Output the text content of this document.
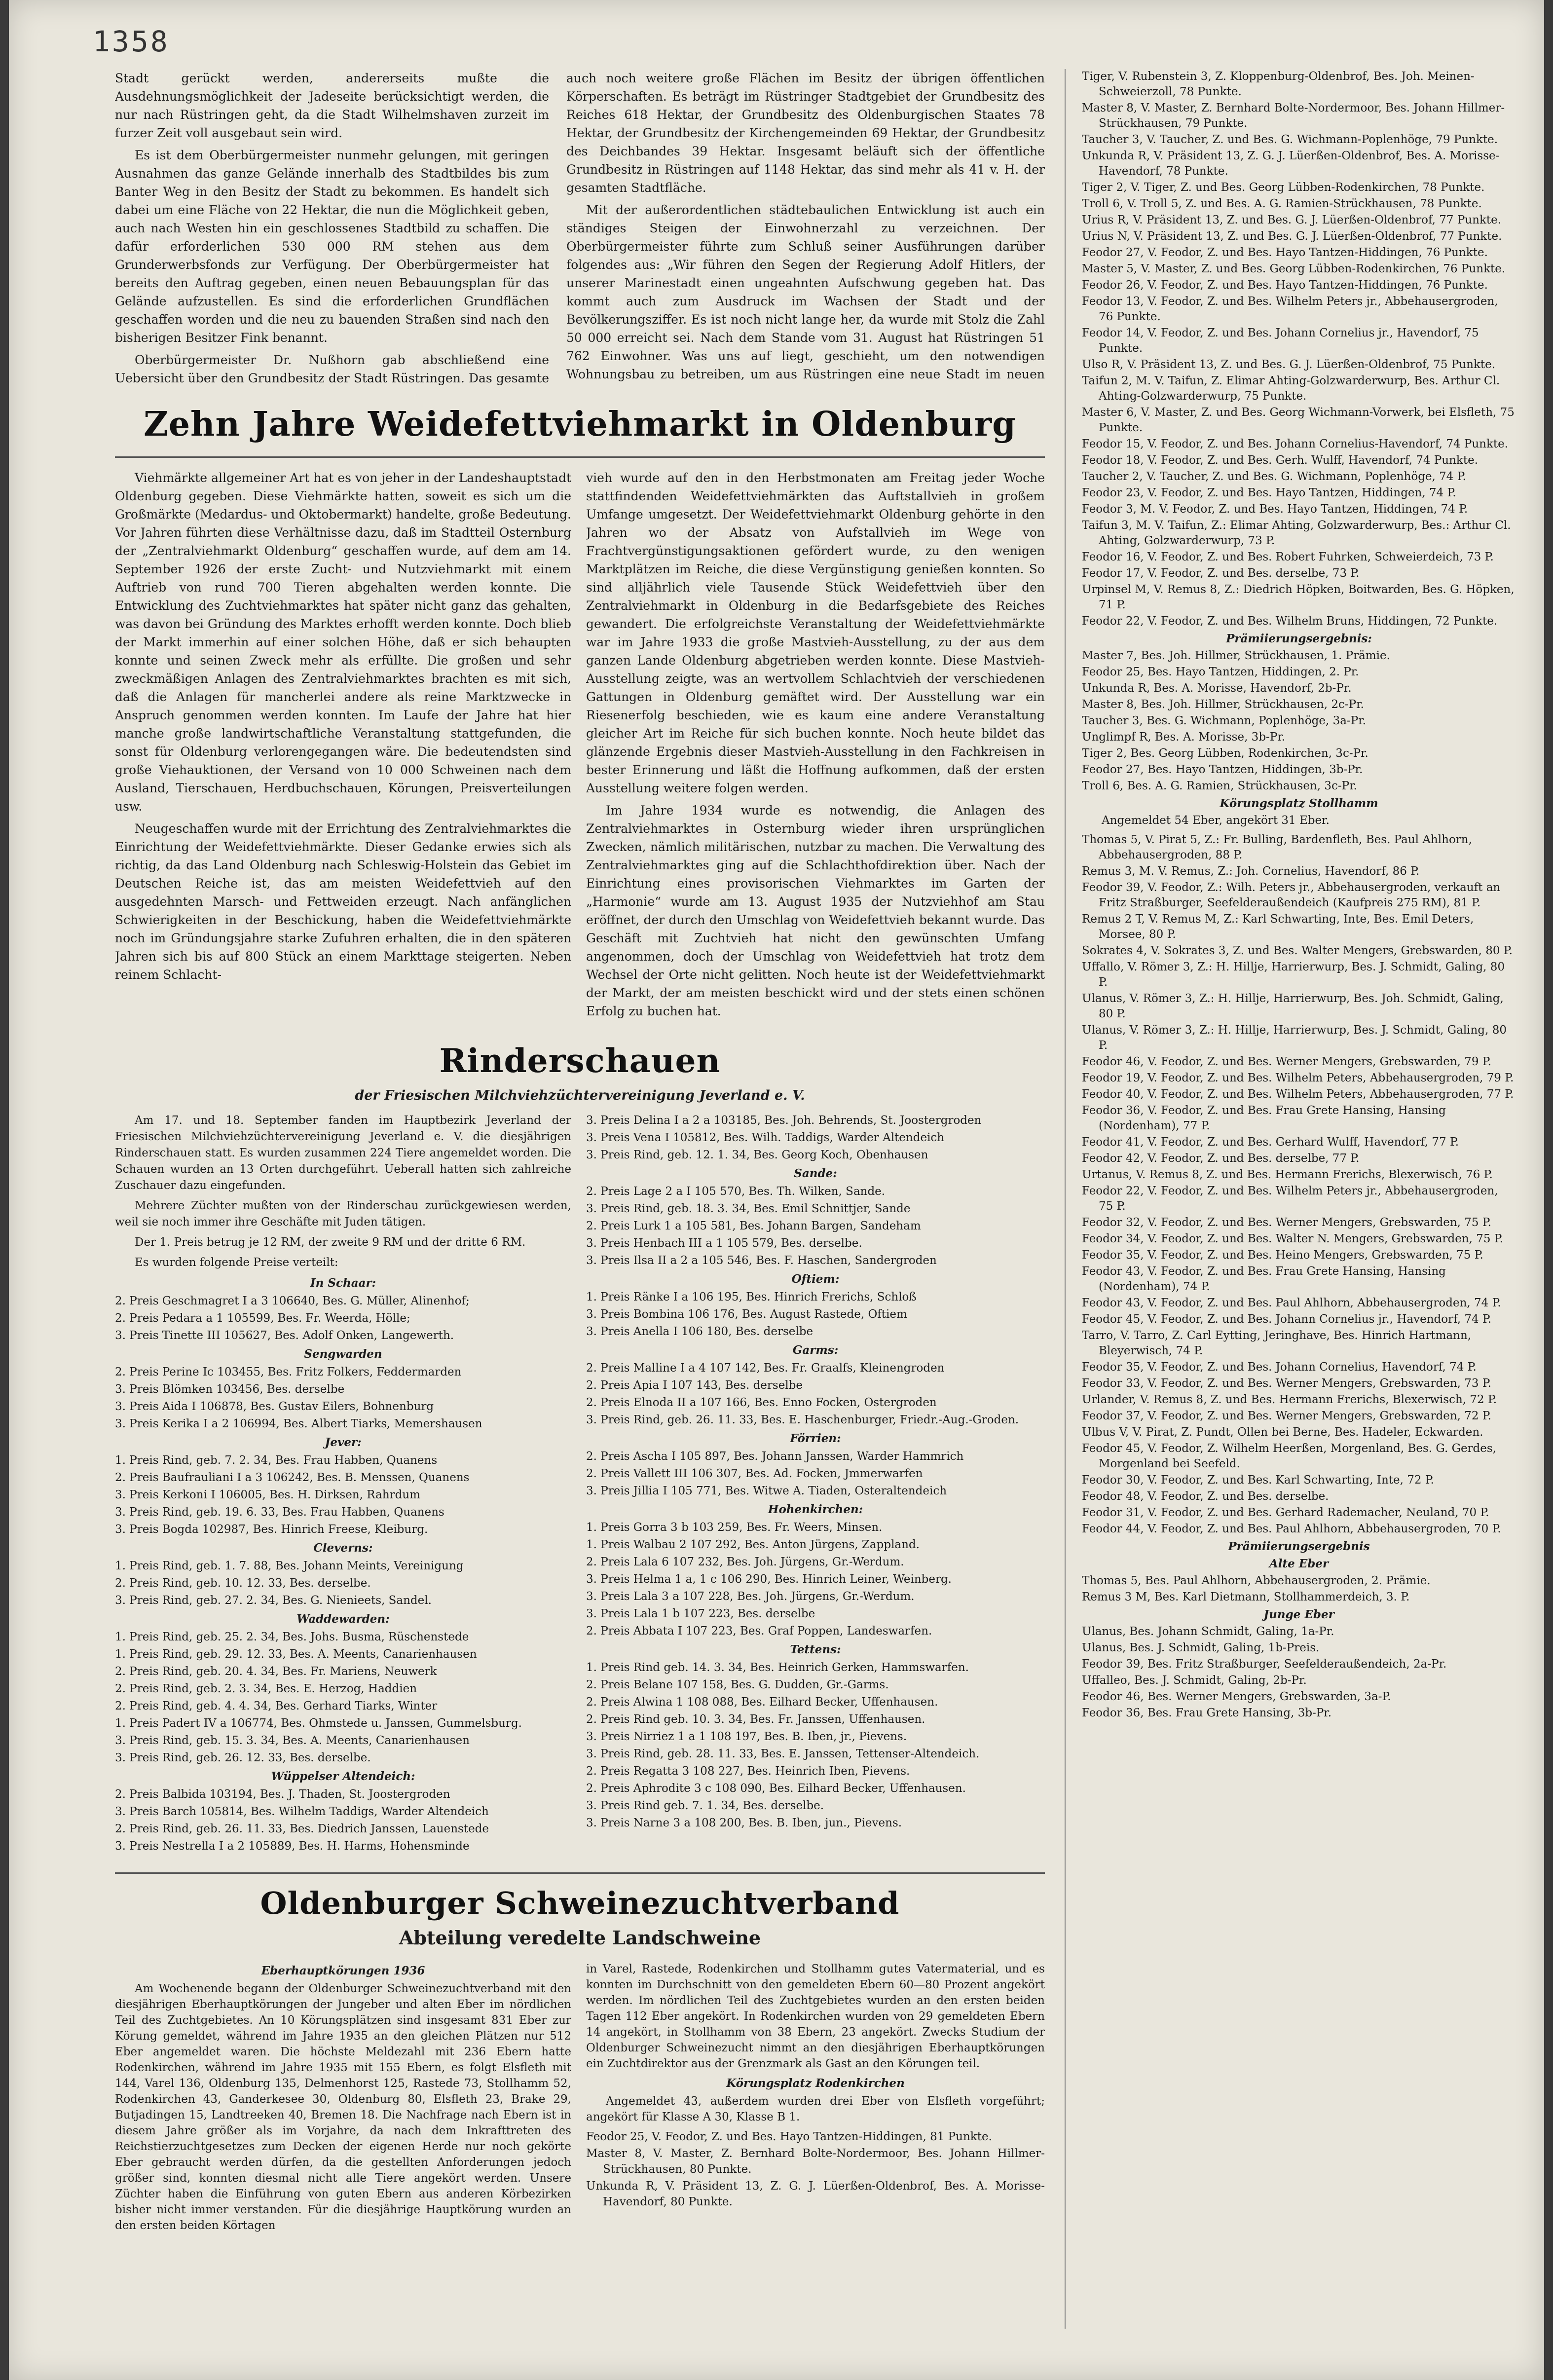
1358

Stadt gerückt werden, andererseits mußte die Ausdehnungsmöglichkeit der Jadeseite berücksichtigt werden, die nur nach Rüstringen geht, da die Stadt Wilhelmshaven zurzeit im furzer Zeit voll ausgebaut sein wird.

Es ist dem Oberbürgermeister nunmehr gelungen, mit geringen Ausnahmen das ganze Gelände innerhalb des Stadtbildes bis zum Banter Weg in den Besitz der Stadt zu bekommen. Es handelt sich dabei um eine Fläche von 22 Hektar, die nun die Möglichkeit geben, auch nach Westen hin ein geschlossenes Stadtbild zu schaffen. Die dafür erforderlichen 530 000 RM stehen aus dem Grunderwerbsfonds zur Verfügung. Der Oberbürgermeister hat bereits den Auftrag gegeben, einen neuen Bebauungsplan für das Gelände aufzustellen. Es sind die erforderlichen Grundflächen geschaffen worden und die neu zu bauenden Straßen sind nach den bisherigen Besitzer Fink benannt.

Oberbürgermeister Dr. Nußhorn gab abschließend eine Uebersicht über den Grundbesitz der Stadt Rüstringen. Das gesamte

auch noch weitere große Flächen im Besitz der übrigen öffentlichen Körperschaften. Es beträgt im Rüstringer Stadtgebiet der Grundbesitz des Reiches 618 Hektar, der Grundbesitz des Oldenburgischen Staates 78 Hektar, der Grundbesitz der Kirchengemeinden 69 Hektar, der Grundbesitz des Deichbandes 39 Hektar. Insgesamt beläuft sich der öffentliche Grundbesitz in Rüstringen auf 1148 Hektar, das sind mehr als 41 v. H. der gesamten Stadtfläche.

Mit der außerordentlichen städtebaulichen Entwicklung ist auch ein ständiges Steigen der Einwohnerzahl zu verzeichnen. Der Oberbürgermeister führte zum Schluß seiner Ausführungen darüber folgendes aus: „Wir führen den Segen der Regierung Adolf Hitlers, der unserer Marinestadt einen ungeahnten Aufschwung gegeben hat. Das kommt auch zum Ausdruck im Wachsen der Stadt und der Bevölkerungsziffer. Es ist noch nicht lange her, da wurde mit Stolz die Zahl 50 000 erreicht sei. Nach dem Stande vom 31. August hat Rüstringen 51 762 Einwohner. Was uns auf liegt, geschieht, um den notwendigen Wohnungsbau zu betreiben, um aus Rüstringen eine neue Stadt im neuen

Zehn Jahre Weidefettviehmarkt in Oldenburg

Viehmärkte allgemeiner Art hat es von jeher in der Landeshauptstadt Oldenburg gegeben. Diese Viehmärkte hatten, soweit es sich um die Großmärkte (Medardus- und Oktobermarkt) handelte, große Bedeutung. Vor Jahren führten diese Verhältnisse dazu, daß im Stadtteil Osternburg der „Zentralviehmarkt Oldenburg“ geschaffen wurde, auf dem am 14. September 1926 der erste Zucht- und Nutzviehmarkt mit einem Auftrieb von rund 700 Tieren abgehalten werden konnte. Die Entwicklung des Zuchtviehmarktes hat später nicht ganz das gehalten, was davon bei Gründung des Marktes erhofft werden konnte. Doch blieb der Markt immerhin auf einer solchen Höhe, daß er sich behaupten konnte und seinen Zweck mehr als erfüllte. Die großen und sehr zweckmäßigen Anlagen des Zentralviehmarktes brachten es mit sich, daß die Anlagen für mancherlei andere als reine Marktzwecke in Anspruch genommen werden konnten. Im Laufe der Jahre hat hier manche große landwirtschaftliche Veranstaltung stattgefunden, die sonst für Oldenburg verlorengegangen wäre. Die bedeutendsten sind große Viehauktionen, der Versand von 10 000 Schweinen nach dem Ausland, Tierschauen, Herdbuchschauen, Körungen, Preisverteilungen usw.

Neugeschaffen wurde mit der Errichtung des Zentralviehmarktes die Einrichtung der Weidefettviehmärkte. Dieser Gedanke erwies sich als richtig, da das Land Oldenburg nach Schleswig-Holstein das Gebiet im Deutschen Reiche ist, das am meisten Weidefettvieh auf den ausgedehnten Marsch- und Fettweiden erzeugt. Nach anfänglichen Schwierigkeiten in der Beschickung, haben die Weidefettviehmärkte noch im Gründungsjahre starke Zufuhren erhalten, die in den späteren Jahren sich bis auf 800 Stück an einem Markttage steigerten. Neben reinem Schlacht-

vieh wurde auf den in den Herbstmonaten am Freitag jeder Woche stattfindenden Weidefettviehmärkten das Auftstallvieh in großem Umfange umgesetzt. Der Weidefettviehmarkt Oldenburg gehörte in den Jahren wo der Absatz von Aufstallvieh im Wege von Frachtvergünstigungsaktionen gefördert wurde, zu den wenigen Marktplätzen im Reiche, die diese Vergünstigung genießen konnten. So sind alljährlich viele Tausende Stück Weidefettvieh über den Zentralviehmarkt in Oldenburg in die Bedarfsgebiete des Reiches gewandert. Die erfolgreichste Veranstaltung der Weidefettviehmärkte war im Jahre 1933 die große Mastvieh-Ausstellung, zu der aus dem ganzen Lande Oldenburg abgetrieben werden konnte. Diese Mastvieh-Ausstellung zeigte, was an wertvollem Schlachtvieh der verschiedenen Gattungen in Oldenburg gemäftet wird. Der Ausstellung war ein Riesenerfolg beschieden, wie es kaum eine andere Veranstaltung gleicher Art im Reiche für sich buchen konnte. Noch heute bildet das glänzende Ergebnis dieser Mastvieh-Ausstellung in den Fachkreisen in bester Erinnerung und läßt die Hoffnung aufkommen, daß der ersten Ausstellung weitere folgen werden.

Im Jahre 1934 wurde es notwendig, die Anlagen des Zentralviehmarktes in Osternburg wieder ihren ursprünglichen Zwecken, nämlich militärischen, nutzbar zu machen. Die Verwaltung des Zentralviehmarktes ging auf die Schlachthofdirektion über. Nach der Einrichtung eines provisorischen Viehmarktes im Garten der „Harmonie“ wurde am 13. August 1935 der Nutzviehhof am Stau eröffnet, der durch den Umschlag von Weidefettvieh bekannt wurde. Das Geschäft mit Zuchtvieh hat nicht den gewünschten Umfang angenommen, doch der Umschlag von Weidefettvieh hat trotz dem Wechsel der Orte nicht gelitten. Noch heute ist der Weidefettviehmarkt der Markt, der am meisten beschickt wird und der stets einen schönen Erfolg zu buchen hat.

Rinderschauen
der Friesischen Milchviehzüchtervereinigung Jeverland e. V.

Am 17. und 18. September fanden im Hauptbezirk Jeverland der Friesischen Milchviehzüchtervereinigung Jeverland e. V. die diesjährigen Rinderschauen statt. Es wurden zusammen 224 Tiere angemeldet worden. Die Schauen wurden an 13 Orten durchgeführt. Ueberall hatten sich zahlreiche Zuschauer dazu eingefunden.

Mehrere Züchter mußten von der Rinderschau zurückgewiesen werden, weil sie noch immer ihre Geschäfte mit Juden tätigen.

Der 1. Preis betrug je 12 RM, der zweite 9 RM und der dritte 6 RM.

Es wurden folgende Preise verteilt:

In Schaar:
2. Preis Geschmagret I a 3 106640, Bes. G. Müller, Alinenhof;
2. Preis Pedara a 1 105599, Bes. Fr. Weerda, Hölle;
3. Preis Tinette III 105627, Bes. Adolf Onken, Langewerth.
Sengwarden
2. Preis Perine Ic 103455, Bes. Fritz Folkers, Feddermarden
3. Preis Blömken 103456, Bes. derselbe
3. Preis Aida I 106878, Bes. Gustav Eilers, Bohnenburg
3. Preis Kerika I a 2 106994, Bes. Albert Tiarks, Memershausen
Jever:
1. Preis Rind, geb. 7. 2. 34, Bes. Frau Habben, Quanens
2. Preis Baufrauliani I a 3 106242, Bes. B. Menssen, Quanens
3. Preis Kerkoni I 106005, Bes. H. Dirksen, Rahrdum
3. Preis Rind, geb. 19. 6. 33, Bes. Frau Habben, Quanens
3. Preis Bogda 102987, Bes. Hinrich Freese, Kleiburg.
Cleverns:
1. Preis Rind, geb. 1. 7. 88, Bes. Johann Meints, Vereinigung
2. Preis Rind, geb. 10. 12. 33, Bes. derselbe.
3. Preis Rind, geb. 27. 2. 34, Bes. G. Nienieets, Sandel.
Waddewarden:
1. Preis Rind, geb. 25. 2. 34, Bes. Johs. Busma, Rüschenstede
1. Preis Rind, geb. 29. 12. 33, Bes. A. Meents, Canarienhausen
2. Preis Rind, geb. 20. 4. 34, Bes. Fr. Mariens, Neuwerk
2. Preis Rind, geb. 2. 3. 34, Bes. E. Herzog, Haddien
2. Preis Rind, geb. 4. 4. 34, Bes. Gerhard Tiarks, Winter
1. Preis Padert IV a 106774, Bes. Ohmstede u. Janssen, Gummelsburg.
3. Preis Rind, geb. 15. 3. 34, Bes. A. Meents, Canarienhausen
3. Preis Rind, geb. 26. 12. 33, Bes. derselbe.
Wüppelser Altendeich:
2. Preis Balbida 103194, Bes. J. Thaden, St. Joostergroden
3. Preis Barch 105814, Bes. Wilhelm Taddigs, Warder Altendeich
2. Preis Rind, geb. 26. 11. 33, Bes. Diedrich Janssen, Lauenstede
3. Preis Nestrella I a 2 105889, Bes. H. Harms, Hohensminde
3. Preis Delina I a 2 a 103185, Bes. Joh. Behrends, St. Joostergroden
3. Preis Vena I 105812, Bes. Wilh. Taddigs, Warder Altendeich
3. Preis Rind, geb. 12. 1. 34, Bes. Georg Koch, Obenhausen
Sande:
2. Preis Lage 2 a I 105 570, Bes. Th. Wilken, Sande.
3. Preis Rind, geb. 18. 3. 34, Bes. Emil Schnittjer, Sande
2. Preis Lurk 1 a 105 581, Bes. Johann Bargen, Sandeham
3. Preis Henbach III a 1 105 579, Bes. derselbe.
3. Preis Ilsa II a 2 a 105 546, Bes. F. Haschen, Sandergroden
Oftiem:
1. Preis Ränke I a 106 195, Bes. Hinrich Frerichs, Schloß
3. Preis Bombina 106 176, Bes. August Rastede, Oftiem
3. Preis Anella I 106 180, Bes. derselbe
Garms:
2. Preis Malline I a 4 107 142, Bes. Fr. Graalfs, Kleinengroden
2. Preis Apia I 107 143, Bes. derselbe
2. Preis Elnoda II a 107 166, Bes. Enno Focken, Ostergroden
3. Preis Rind, geb. 26. 11. 33, Bes. E. Haschenburger, Friedr.-Aug.-Groden.
Förrien:
2. Preis Ascha I 105 897, Bes. Johann Janssen, Warder Hammrich
2. Preis Vallett III 106 307, Bes. Ad. Focken, Jmmerwarfen
3. Preis Jillia I 105 771, Bes. Witwe A. Tiaden, Osteraltendeich
Hohenkirchen:
1. Preis Gorra 3 b 103 259, Bes. Fr. Weers, Minsen.
1. Preis Walbau 2 107 292, Bes. Anton Jürgens, Zappland.
2. Preis Lala 6 107 232, Bes. Joh. Jürgens, Gr.-Werdum.
3. Preis Helma 1 a, 1 c 106 290, Bes. Hinrich Leiner, Weinberg.
3. Preis Lala 3 a 107 228, Bes. Joh. Jürgens, Gr.-Werdum.
3. Preis Lala 1 b 107 223, Bes. derselbe
2. Preis Abbata I 107 223, Bes. Graf Poppen, Landeswarfen.
Tettens:
1. Preis Rind geb. 14. 3. 34, Bes. Heinrich Gerken, Hammswarfen.
2. Preis Belane 107 158, Bes. G. Dudden, Gr.-Garms.
2. Preis Alwina 1 108 088, Bes. Eilhard Becker, Uffenhausen.
2. Preis Rind geb. 10. 3. 34, Bes. Fr. Janssen, Uffenhausen.
3. Preis Nirriez 1 a 1 108 197, Bes. B. Iben, jr., Pievens.
3. Preis Rind, geb. 28. 11. 33, Bes. E. Janssen, Tettenser-Altendeich.
2. Preis Regatta 3 108 227, Bes. Heinrich Iben, Pievens.
2. Preis Aphrodite 3 c 108 090, Bes. Eilhard Becker, Uffenhausen.
3. Preis Rind geb. 7. 1. 34, Bes. derselbe.
3. Preis Narne 3 a 108 200, Bes. B. Iben, jun., Pievens.
Oldenburger Schweinezuchtverband
Abteilung veredelte Landschweine
Eberhauptkörungen 1936

Am Wochenende begann der Oldenburger Schweinezuchtverband mit den diesjährigen Eberhauptkörungen der Jungeber und alten Eber im nördlichen Teil des Zuchtgebietes. An 10 Körungsplätzen sind insgesamt 831 Eber zur Körung gemeldet, während im Jahre 1935 an den gleichen Plätzen nur 512 Eber angemeldet waren. Die höchste Meldezahl mit 236 Ebern hatte Rodenkirchen, während im Jahre 1935 mit 155 Ebern, es folgt Elsfleth mit 144, Varel 136, Oldenburg 135, Delmenhorst 125, Rastede 73, Stollhamm 52, Rodenkirchen 43, Ganderkesee 30, Oldenburg 80, Elsfleth 23, Brake 29, Butjadingen 15, Landtreeken 40, Bremen 18. Die Nachfrage nach Ebern ist in diesem Jahre größer als im Vorjahre, da nach dem Inkrafttreten des Reichstierzuchtgesetzes zum Decken der eigenen Herde nur noch gekörte Eber gebraucht werden dürfen, da die gestellten Anforderungen jedoch größer sind, konnten diesmal nicht alle Tiere angekört werden. Unsere Züchter haben die Einführung von guten Ebern aus anderen Körbezirken bisher nicht immer verstanden. Für die diesjährige Hauptkörung wurden an den ersten beiden Körtagen

in Varel, Rastede, Rodenkirchen und Stollhamm gutes Vatermaterial, und es konnten im Durchschnitt von den gemeldeten Ebern 60—80 Prozent angekört werden. Im nördlichen Teil des Zuchtgebietes wurden an den ersten beiden Tagen 112 Eber angekört. In Rodenkirchen wurden von 29 gemeldeten Ebern 14 angekört, in Stollhamm von 38 Ebern, 23 angekört. Zwecks Studium der Oldenburger Schweinezucht nimmt an den diesjährigen Eberhauptkörungen ein Zuchtdirektor aus der Grenzmark als Gast an den Körungen teil.

Körungsplatz Rodenkirchen

Angemeldet 43, außerdem wurden drei Eber von Elsfleth vorgeführt; angekört für Klasse A 30, Klasse B 1.

Feodor 25, V. Feodor, Z. und Bes. Hayo Tantzen-Hiddingen, 81 Punkte.
Master 8, V. Master, Z. Bernhard Bolte-Nordermoor, Bes. Johann Hillmer-Strückhausen, 80 Punkte.
Unkunda R, V. Präsident 13, Z. G. J. Lüerßen-Oldenbrof, Bes. A. Morisse-Havendorf, 80 Punkte.
Tiger, V. Rubenstein 3, Z. Kloppenburg-Oldenbrof, Bes. Joh. Meinen-Schweierzoll, 78 Punkte.
Master 8, V. Master, Z. Bernhard Bolte-Nordermoor, Bes. Johann Hillmer-Strückhausen, 79 Punkte.
Taucher 3, V. Taucher, Z. und Bes. G. Wichmann-Poplenhöge, 79 Punkte.
Unkunda R, V. Präsident 13, Z. G. J. Lüerßen-Oldenbrof, Bes. A. Morisse-Havendorf, 78 Punkte.
Tiger 2, V. Tiger, Z. und Bes. Georg Lübben-Rodenkirchen, 78 Punkte.
Troll 6, V. Troll 5, Z. und Bes. A. G. Ramien-Strückhausen, 78 Punkte.
Urius R, V. Präsident 13, Z. und Bes. G. J. Lüerßen-Oldenbrof, 77 Punkte.
Urius N, V. Präsident 13, Z. und Bes. G. J. Lüerßen-Oldenbrof, 77 Punkte.
Feodor 27, V. Feodor, Z. und Bes. Hayo Tantzen-Hiddingen, 76 Punkte.
Master 5, V. Master, Z. und Bes. Georg Lübben-Rodenkirchen, 76 Punkte.
Feodor 26, V. Feodor, Z. und Bes. Hayo Tantzen-Hiddingen, 76 Punkte.
Feodor 13, V. Feodor, Z. und Bes. Wilhelm Peters jr., Abbehausergroden, 76 Punkte.
Feodor 14, V. Feodor, Z. und Bes. Johann Cornelius jr., Havendorf, 75 Punkte.
Ulso R, V. Präsident 13, Z. und Bes. G. J. Lüerßen-Oldenbrof, 75 Punkte.
Taifun 2, M. V. Taifun, Z. Elimar Ahting-Golzwarderwurp, Bes. Arthur Cl. Ahting-Golzwarderwurp, 75 Punkte.
Master 6, V. Master, Z. und Bes. Georg Wichmann-Vorwerk, bei Elsfleth, 75 Punkte.
Feodor 15, V. Feodor, Z. und Bes. Johann Cornelius-Havendorf, 74 Punkte.
Feodor 18, V. Feodor, Z. und Bes. Gerh. Wulff, Havendorf, 74 Punkte.
Taucher 2, V. Taucher, Z. und Bes. G. Wichmann, Poplenhöge, 74 P.
Feodor 23, V. Feodor, Z. und Bes. Hayo Tantzen, Hiddingen, 74 P.
Feodor 3, M. V. Feodor, Z. und Bes. Hayo Tantzen, Hiddingen, 74 P.
Taifun 3, M. V. Taifun, Z.: Elimar Ahting, Golzwarderwurp, Bes.: Arthur Cl. Ahting, Golzwarderwurp, 73 P.
Feodor 16, V. Feodor, Z. und Bes. Robert Fuhrken, Schweierdeich, 73 P.
Feodor 17, V. Feodor, Z. und Bes. derselbe, 73 P.
Urpinsel M, V. Remus 8, Z.: Diedrich Höpken, Boitwarden, Bes. G. Höpken, 71 P.
Feodor 22, V. Feodor, Z. und Bes. Wilhelm Bruns, Hiddingen, 72 Punkte.
Prämiierungsergebnis:
Master 7, Bes. Joh. Hillmer, Strückhausen, 1. Prämie.
Feodor 25, Bes. Hayo Tantzen, Hiddingen, 2. Pr.
Unkunda R, Bes. A. Morisse, Havendorf, 2b-Pr.
Master 8, Bes. Joh. Hillmer, Strückhausen, 2c-Pr.
Taucher 3, Bes. G. Wichmann, Poplenhöge, 3a-Pr.
Unglimpf R, Bes. A. Morisse, 3b-Pr.
Tiger 2, Bes. Georg Lübben, Rodenkirchen, 3c-Pr.
Feodor 27, Bes. Hayo Tantzen, Hiddingen, 3b-Pr.
Troll 6, Bes. A. G. Ramien, Strückhausen, 3c-Pr.
Körungsplatz Stollhamm

Angemeldet 54 Eber, angekört 31 Eber.

Thomas 5, V. Pirat 5, Z.: Fr. Bulling, Bardenfleth, Bes. Paul Ahlhorn, Abbehausergroden, 88 P.
Remus 3, M. V. Remus, Z.: Joh. Cornelius, Havendorf, 86 P.
Feodor 39, V. Feodor, Z.: Wilh. Peters jr., Abbehausergroden, verkauft an Fritz Straßburger, Seefelderaußendeich (Kaufpreis 275 RM), 81 P.
Remus 2 T, V. Remus M, Z.: Karl Schwarting, Inte, Bes. Emil Deters, Morsee, 80 P.
Sokrates 4, V. Sokrates 3, Z. und Bes. Walter Mengers, Grebswarden, 80 P.
Uffallo, V. Römer 3, Z.: H. Hillje, Harrierwurp, Bes. J. Schmidt, Galing, 80 P.
Ulanus, V. Römer 3, Z.: H. Hillje, Harrierwurp, Bes. Joh. Schmidt, Galing, 80 P.
Ulanus, V. Römer 3, Z.: H. Hillje, Harrierwurp, Bes. J. Schmidt, Galing, 80 P.
Feodor 46, V. Feodor, Z. und Bes. Werner Mengers, Grebswarden, 79 P.
Feodor 19, V. Feodor, Z. und Bes. Wilhelm Peters, Abbehausergroden, 79 P.
Feodor 40, V. Feodor, Z. und Bes. Wilhelm Peters, Abbehausergroden, 77 P.
Feodor 36, V. Feodor, Z. und Bes. Frau Grete Hansing, Hansing (Nordenham), 77 P.
Feodor 41, V. Feodor, Z. und Bes. Gerhard Wulff, Havendorf, 77 P.
Feodor 42, V. Feodor, Z. und Bes. derselbe, 77 P.
Urtanus, V. Remus 8, Z. und Bes. Hermann Frerichs, Blexerwisch, 76 P.
Feodor 22, V. Feodor, Z. und Bes. Wilhelm Peters jr., Abbehausergroden, 75 P.
Feodor 32, V. Feodor, Z. und Bes. Werner Mengers, Grebswarden, 75 P.
Feodor 34, V. Feodor, Z. und Bes. Walter N. Mengers, Grebswarden, 75 P.
Feodor 35, V. Feodor, Z. und Bes. Heino Mengers, Grebswarden, 75 P.
Feodor 43, V. Feodor, Z. und Bes. Frau Grete Hansing, Hansing (Nordenham), 74 P.
Feodor 43, V. Feodor, Z. und Bes. Paul Ahlhorn, Abbehausergroden, 74 P.
Feodor 45, V. Feodor, Z. und Bes. Johann Cornelius jr., Havendorf, 74 P.
Tarro, V. Tarro, Z. Carl Eytting, Jeringhave, Bes. Hinrich Hartmann, Bleyerwisch, 74 P.
Feodor 35, V. Feodor, Z. und Bes. Johann Cornelius, Havendorf, 74 P.
Feodor 33, V. Feodor, Z. und Bes. Werner Mengers, Grebswarden, 73 P.
Urlander, V. Remus 8, Z. und Bes. Hermann Frerichs, Blexerwisch, 72 P.
Feodor 37, V. Feodor, Z. und Bes. Werner Mengers, Grebswarden, 72 P.
Ulbus V, V. Pirat, Z. Pundt, Ollen bei Berne, Bes. Hadeler, Eckwarden.
Feodor 45, V. Feodor, Z. Wilhelm Heerßen, Morgenland, Bes. G. Gerdes, Morgenland bei Seefeld.
Feodor 30, V. Feodor, Z. und Bes. Karl Schwarting, Inte, 72 P.
Feodor 48, V. Feodor, Z. und Bes. derselbe.
Feodor 31, V. Feodor, Z. und Bes. Gerhard Rademacher, Neuland, 70 P.
Feodor 44, V. Feodor, Z. und Bes. Paul Ahlhorn, Abbehausergroden, 70 P.
Prämiierungsergebnis
Alte Eber
Thomas 5, Bes. Paul Ahlhorn, Abbehausergroden, 2. Prämie.
Remus 3 M, Bes. Karl Dietmann, Stollhammerdeich, 3. P.
Junge Eber
Ulanus, Bes. Johann Schmidt, Galing, 1a-Pr.
Ulanus, Bes. J. Schmidt, Galing, 1b-Preis.
Feodor 39, Bes. Fritz Straßburger, Seefelderaußendeich, 2a-Pr.
Uffalleo, Bes. J. Schmidt, Galing, 2b-Pr.
Feodor 46, Bes. Werner Mengers, Grebswarden, 3a-P.
Feodor 36, Bes. Frau Grete Hansing, 3b-Pr.
